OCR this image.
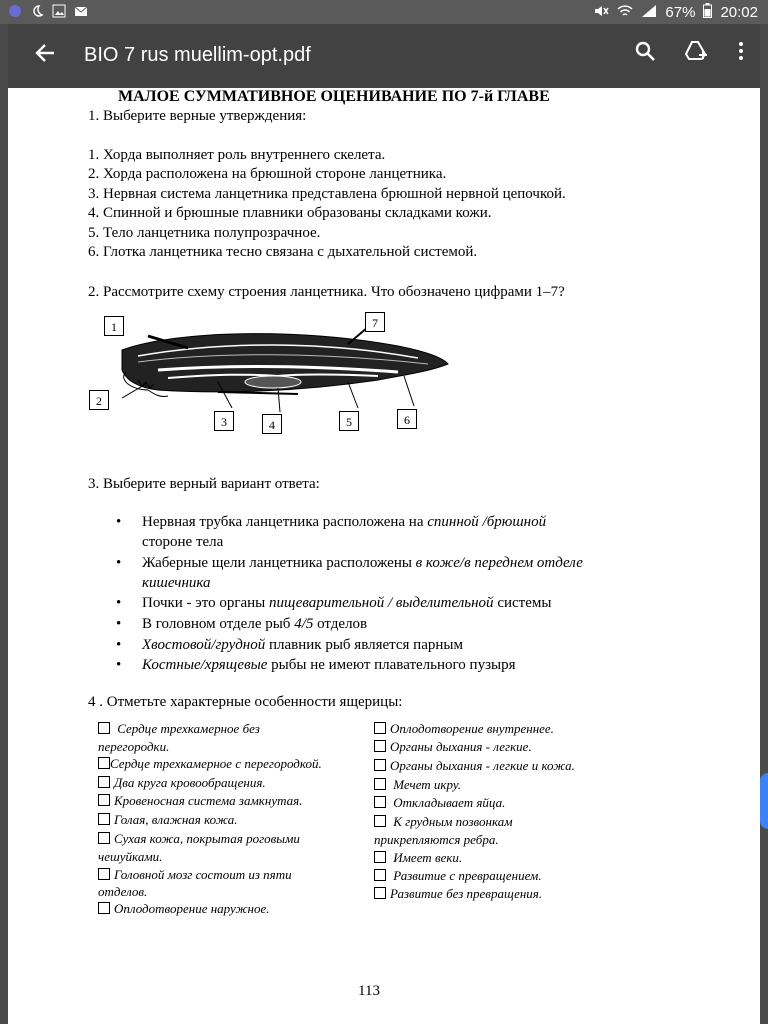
67% 20:02
BIO 7 rus muellim-opt.pdf
МАЛОЕ СУММАТИВНОЕ ОЦЕНИВАНИЕ ПО 7-й ГЛАВЕ
1. Выберите верные утверждения:
1. Хорда выполняет роль внутреннего скелета.
2. Хорда расположена на брюшной стороне ланцетника.
3. Нервная система ланцетника представлена брюшной нервной цепочкой.
4. Спинной и брюшные плавники образованы складками кожи.
5. Тело ланцетника полупрозрачное.
6. Глотка ланцетника тесно связана с дыхательной системой.
2. Рассмотрите схему строения ланцетника. Что обозначено цифрами 1–7?
1
2
3	4	5	6
7
3. Выберите верный вариант ответа:
• Нервная трубка ланцетника расположена на спинной /брюшной
стороне тела
• Жаберные щели ланцетника расположены в коже/в переднем отделе
кишечника
• Почки - это органы пищеварительной / выделительной системы
• В головном отделе рыб 4/5 отделов
• Хвостовой/грудной плавник рыб является парным
• Костные/хрящевые рыбы не имеют плавательного пузыря
4 . Отметьте характерные особенности ящерицы:
Сердце трехкамерное без
перегородки.
Сердце трехкамерное с перегородкой.
Два круга кровообращения.
Кровеносная система замкнутая.
Голая, влажная кожа.
Сухая кожа, покрытая роговыми
чешуйками.
Головной мозг состоит из пяти
отделов.
Оплодотворение наружное.
Оплодотворение внутреннее.
Органы дыхания - легкие.
Органы дыхания - легкие и кожа.
Мечет икру.
Откладывает яйца.
К грудным позвонкам
прикрепляются ребра.
Имеет веки.
Развитие с превращением.
Развитие без превращения.
113
